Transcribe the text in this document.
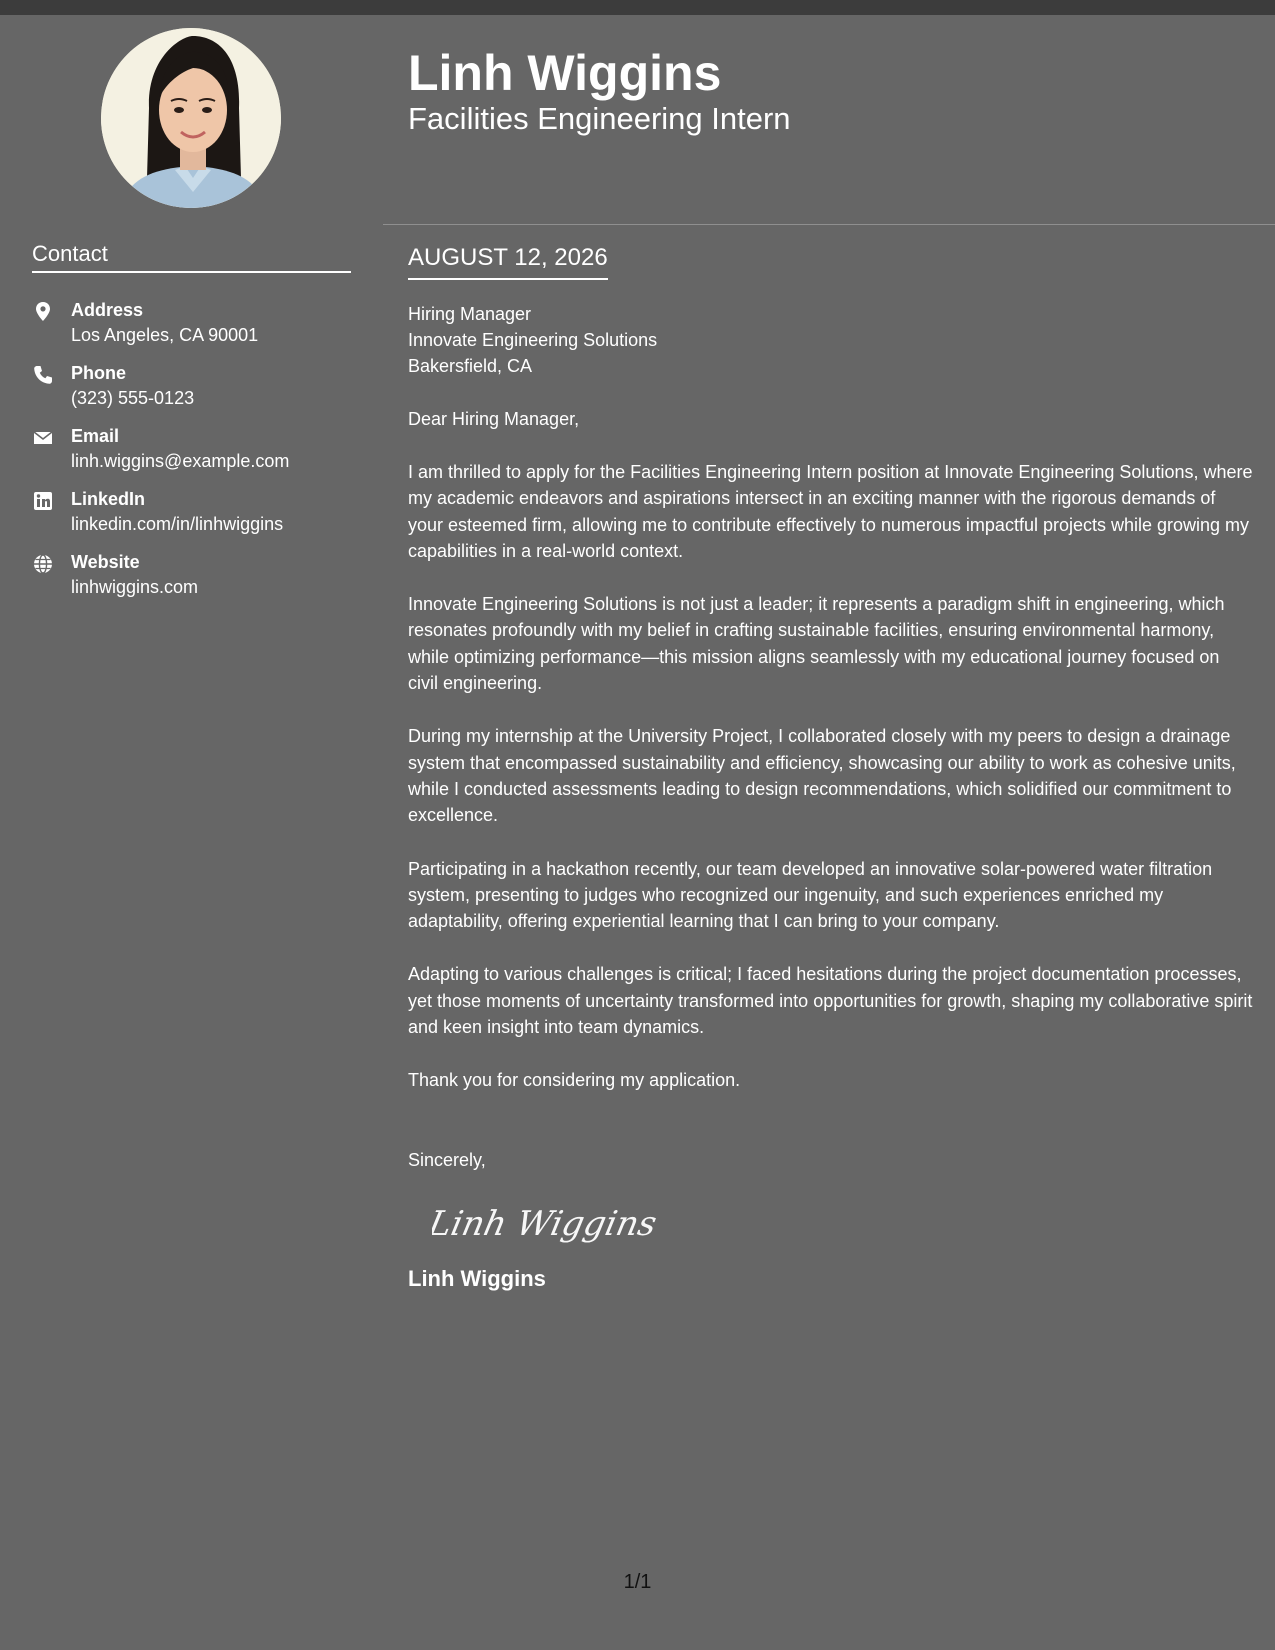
Contact
Address
Los Angeles, CA 90001
Phone
(323) 555-0123
Email
linh.wiggins@example.com
LinkedIn
linkedin.com/in/linhwiggins
Website
linhwiggins.com
Linh Wiggins
Facilities Engineering Intern
AUGUST 12, 2026
Hiring Manager
Innovate Engineering Solutions
Bakersfield, CA
Dear Hiring Manager,

I am thrilled to apply for the Facilities Engineering Intern position at Innovate Engineering Solutions, where my academic endeavors and aspirations intersect in an exciting manner with the rigorous demands of your esteemed firm, allowing me to contribute effectively to numerous impactful projects while growing my capabilities in a real-world context.

Innovate Engineering Solutions is not just a leader; it represents a paradigm shift in engineering, which resonates profoundly with my belief in crafting sustainable facilities, ensuring environmental harmony, while optimizing performance—this mission aligns seamlessly with my educational journey focused on civil engineering.

During my internship at the University Project, I collaborated closely with my peers to design a drainage system that encompassed sustainability and efficiency, showcasing our ability to work as cohesive units, while I conducted assessments leading to design recommendations, which solidified our commitment to excellence.

Participating in a hackathon recently, our team developed an innovative solar-powered water filtration system, presenting to judges who recognized our ingenuity, and such experiences enriched my adaptability, offering experiential learning that I can bring to your company.

Adapting to various challenges is critical; I faced hesitations during the project documentation processes, yet those moments of uncertainty transformed into opportunities for growth, shaping my collaborative spirit and keen insight into team dynamics.

Thank you for considering my application.

Sincerely,
Linh Wiggins
Linh Wiggins
1/1
